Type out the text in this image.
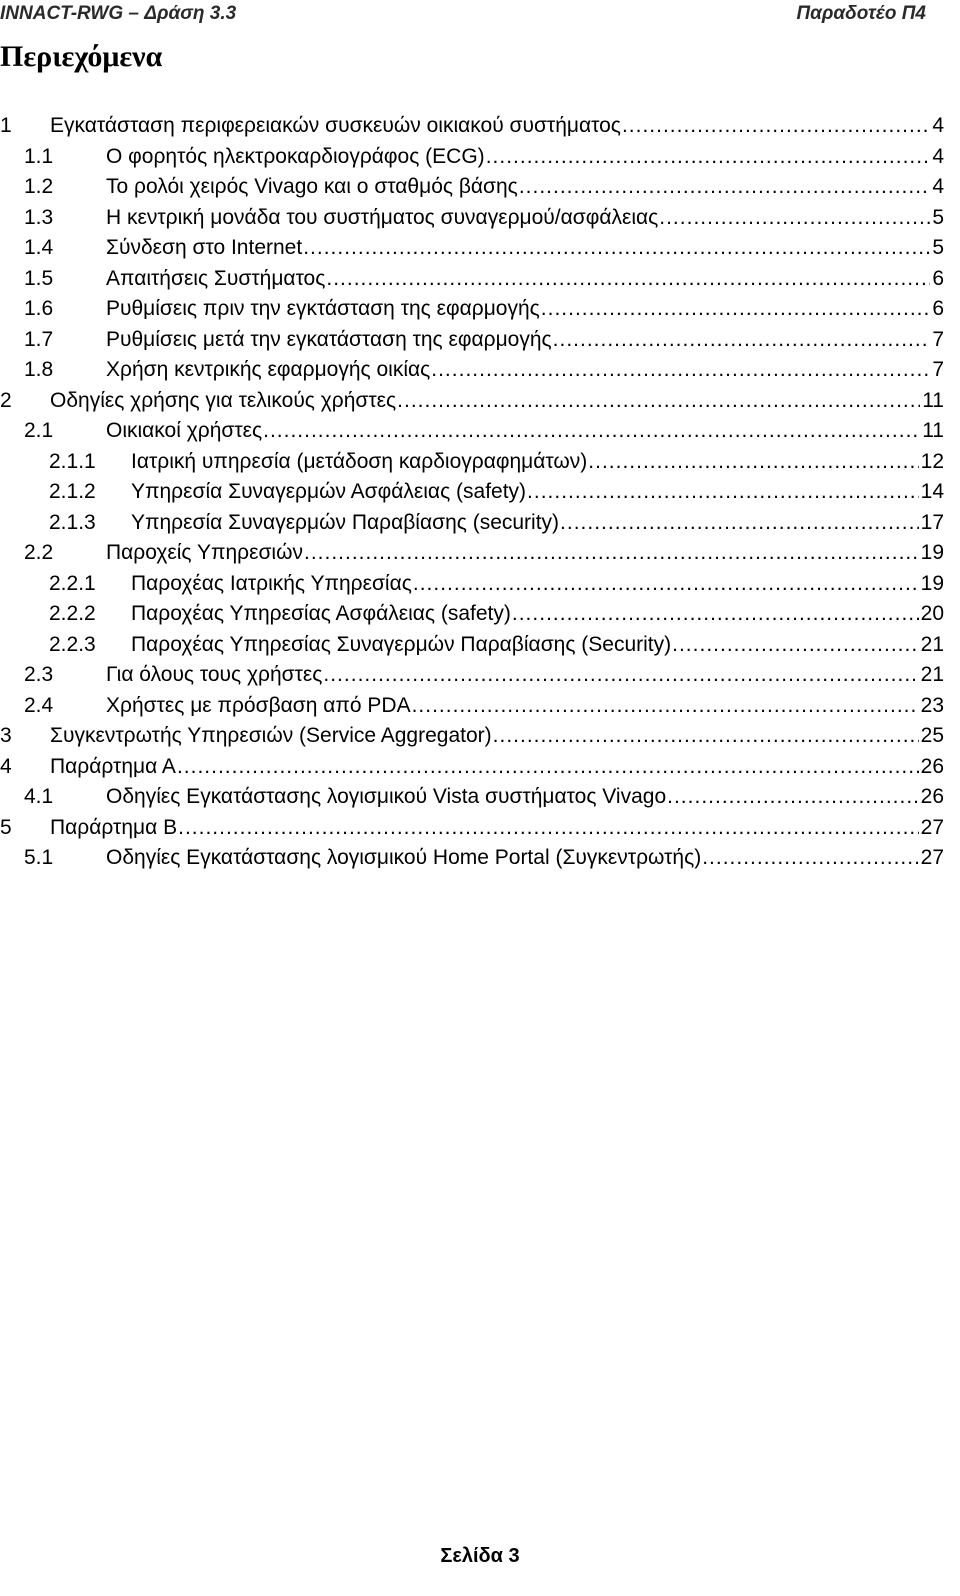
INNACT-RWG – Δράση 3.3	Παραδοτέο Π4
Περιεχόμενα
1 Εγκατάσταση περιφερειακών συσκευών οικιακού συστήματος .....	4
1.1	Ο φορητός ηλεκτροκαρδιογράφος (ECG) .....	4
1.2	Το ρολόι χειρός Vivago και ο σταθμός βάσης .....	4
1.3	Η κεντρική μονάδα του συστήματος συναγερμού/ασφάλειας .....	5
1.4	Σύνδεση στο Internet .....	5
1.5	Απαιτήσεις Συστήματος .....	6
1.6	Ρυθμίσεις πριν την εγκτάσταση της εφαρμογής .....	6
1.7	Ρυθμίσεις μετά την εγκατάσταση της εφαρμογής .....	7
1.8	Χρήση κεντρικής εφαρμογής οικίας .....	7
2 Οδηγίες χρήσης για τελικούς χρήστες .....	11
2.1	Οικιακοί χρήστες .....	11
2.1.1 Ιατρική υπηρεσία (μετάδοση καρδιογραφημάτων) .....	12
2.1.2 Υπηρεσία Συναγερμών Ασφάλειας (safety) .....	14
2.1.3 Υπηρεσία Συναγερμών Παραβίασης (security) .....	17
2.2	Παροχείς Υπηρεσιών .....	19
2.2.1 Παροχέας Ιατρικής Υπηρεσίας .....	19
2.2.2 Παροχέας Υπηρεσίας Ασφάλειας (safety) .....	20
2.2.3 Παροχέας Υπηρεσίας Συναγερμών Παραβίασης (Security) .....	21
2.3	Για όλους τους χρήστες .....	21
2.4	Χρήστες με πρόσβαση από PDA .....	23
3 Συγκεντρωτής Υπηρεσιών (Service Aggregator) .....	25
4 Παράρτημα Α .....	26
4.1	Οδηγίες Εγκατάστασης λογισμικού Vista συστήματος Vivago .....	26
5 Παράρτημα Β .....	27
5.1	Οδηγίες Εγκατάστασης λογισμικού Home Portal (Συγκεντρωτής) .....	27
Σελίδα 3
